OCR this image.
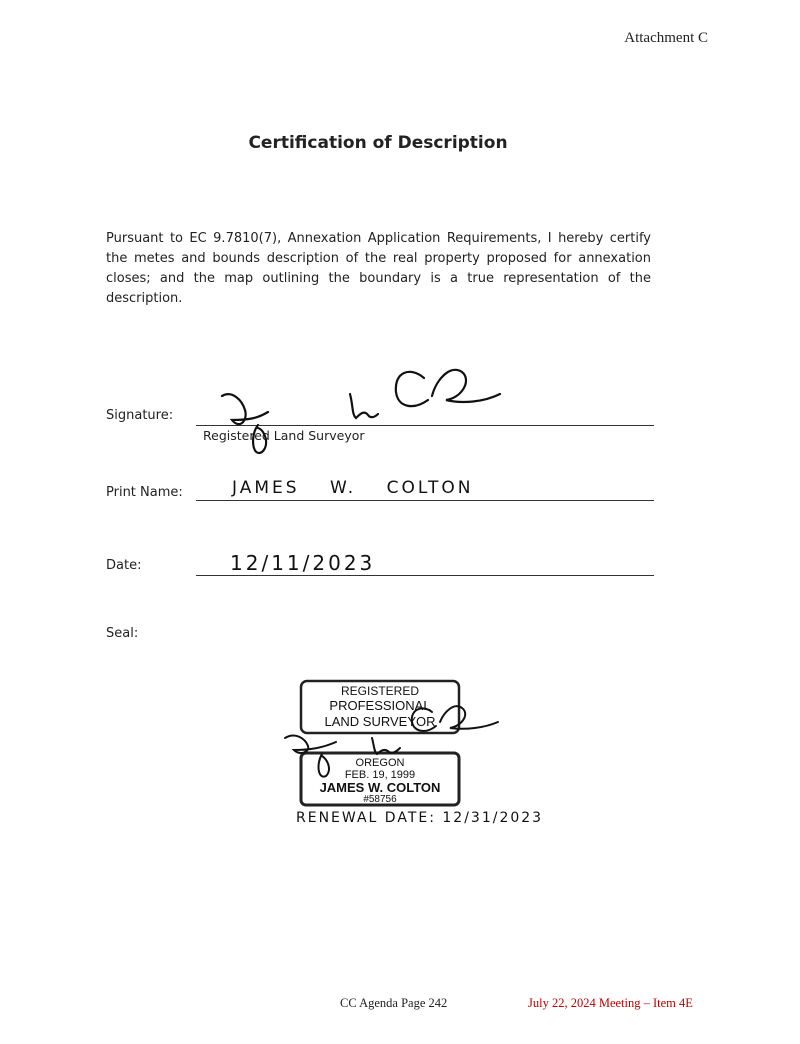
Attachment C
Certification of Description
Pursuant to EC 9.7810(7), Annexation Application Requirements, I hereby certify the metes and bounds description of the real property proposed for annexation closes; and the map outlining the boundary is a true representation of the description.
Signature:
Registered Land Surveyor
Print Name:	JAMES W. COLTON
Date:	12/11/2023
Seal:
REGISTERED
PROFESSIONAL
LAND SURVEYOR
OREGON
FEB. 19, 1999
JAMES W. COLTON
#58756
RENEWAL DATE: 12/31/2023
CC Agenda Page 242	July 22, 2024 Meeting – Item 4E
